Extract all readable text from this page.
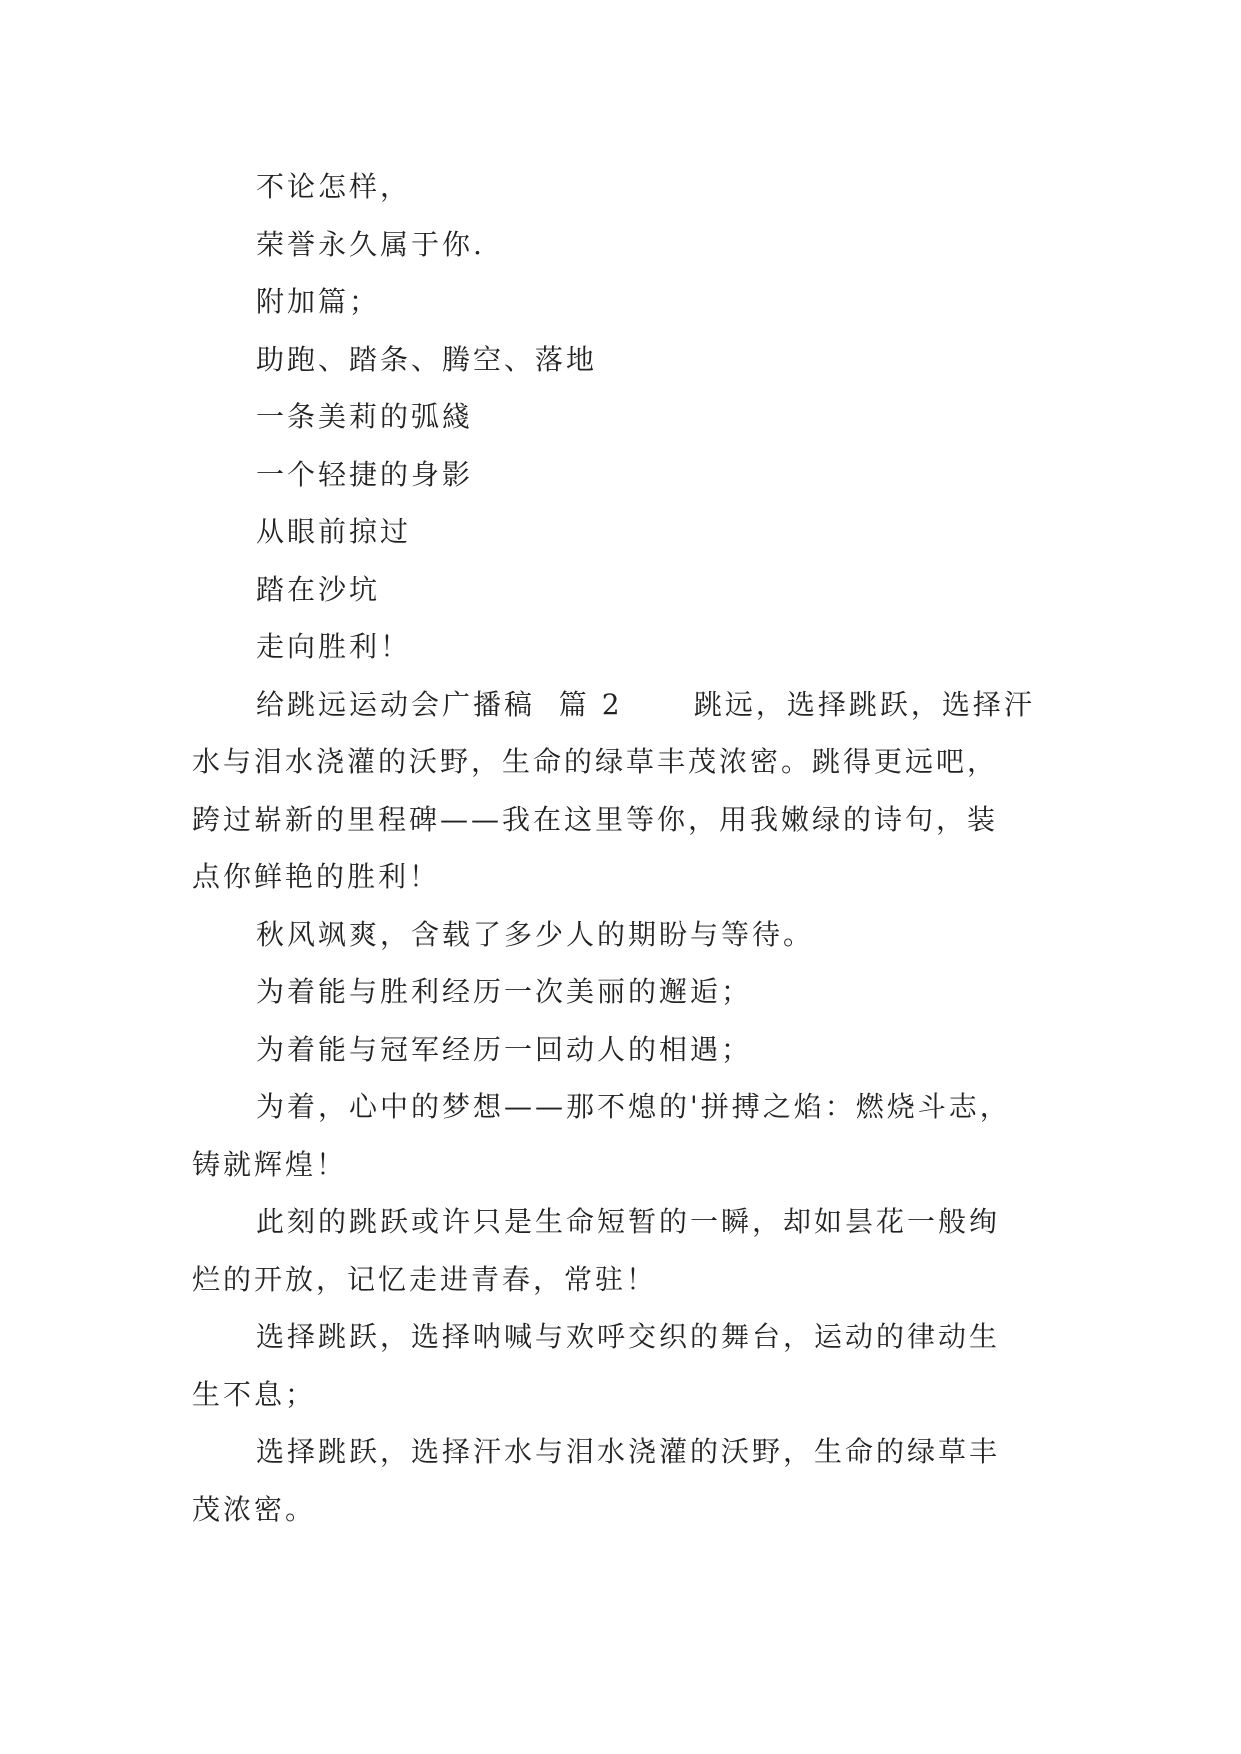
不论怎样，
荣誉永久属于你.
附加篇；
助跑、踏条、腾空、落地
一条美莉的弧綫
一个轻捷的身影
从眼前掠过
踏在沙坑
走向胜利！
给跳远运动会广播稿  篇 2      跳远，选择跳跃，选择汗
水与泪水浇灌的沃野，生命的绿草丰茂浓密。跳得更远吧，
跨过崭新的里程碑——我在这里等你，用我嫩绿的诗句，装
点你鲜艳的胜利！
秋风飒爽，含载了多少人的期盼与等待。
为着能与胜利经历一次美丽的邂逅；
为着能与冠军经历一回动人的相遇；
为着，心中的梦想——那不熄的'拼搏之焰：燃烧斗志，
铸就辉煌！
此刻的跳跃或许只是生命短暂的一瞬，却如昙花一般绚
烂的开放，记忆走进青春，常驻！
选择跳跃，选择呐喊与欢呼交织的舞台，运动的律动生
生不息；
选择跳跃，选择汗水与泪水浇灌的沃野，生命的绿草丰
茂浓密。
